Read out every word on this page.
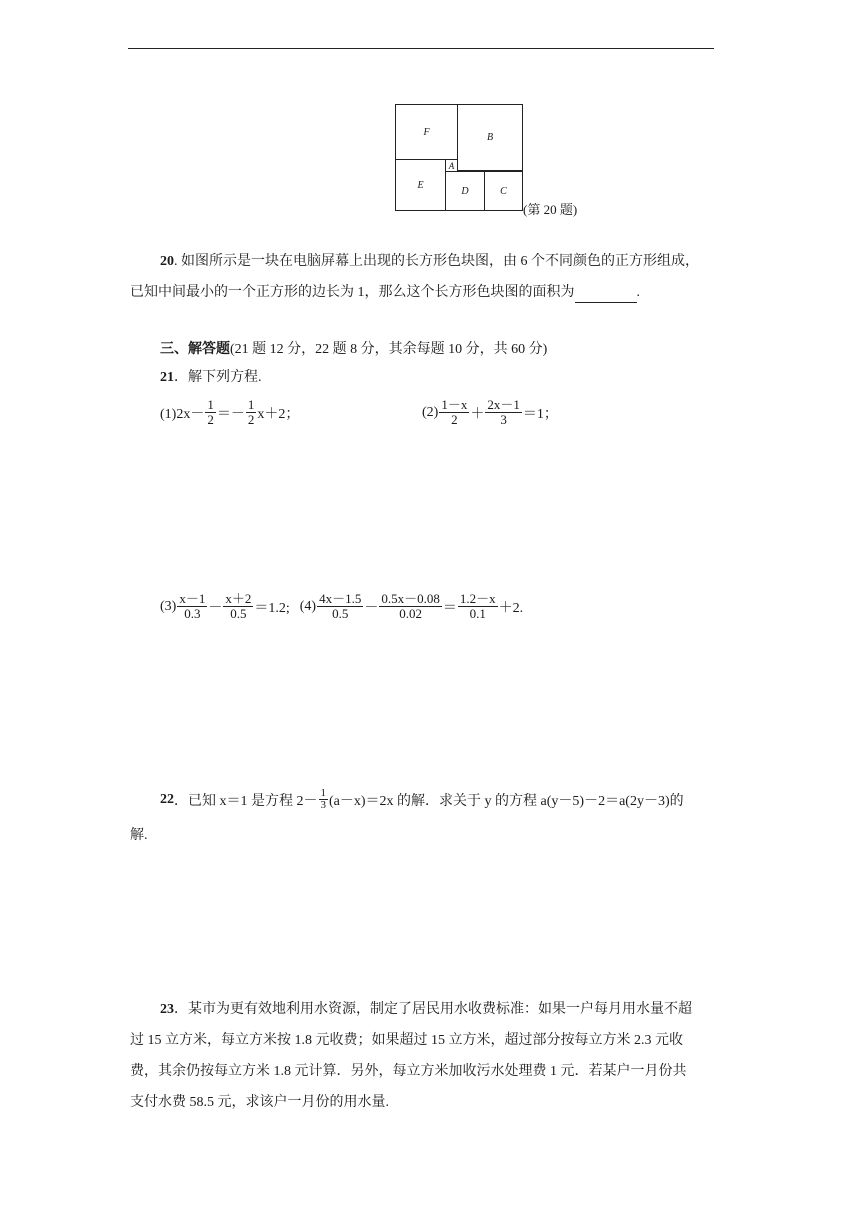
F	B
A
E
D	C
(第 20 题)
20. 如图所示是一块在电脑屏幕上出现的长方形色块图，由 6 个不同颜色的正方形组成，
已知中间最小的一个正方形的边长为 1，那么这个长方形色块图的面积为	.
三、解答题(21 题 12 分，22 题 8 分，其余每题 10 分，共 60 分)
21．解下列方程.
$(1)2x- \frac{1}{2} =- \frac{1}{2} x+2$；	$(2) \frac{1-x}{2} + \frac{2x-1}{3} =1$；
$(3) \frac{x-1}{0.3} - \frac{x+2}{0.5} =1.2$; $(4) \frac{4x-1.5}{0.5} - \frac{0.5x-0.08}{0.02} = \frac{1.2-x}{0.1} +2$.
22 ．已知 x＝1 是方程 $2- \frac{1}{3} (a-x)=2x$ 的解．求关于 y 的方程 a(y－5)－2＝a(2y－3)的
解.
23．某市为更有效地利用水资源，制定了居民用水收费标准：如果一户每月用水量不超
过 15 立方米，每立方米按 1.8 元收费；如果超过 15 立方米，超过部分按每立方米 2.3 元收
费，其余仍按每立方米 1.8 元计算．另外，每立方米加收污水处理费 1 元．若某户一月份共
支付水费 58.5 元，求该户一月份的用水量.
